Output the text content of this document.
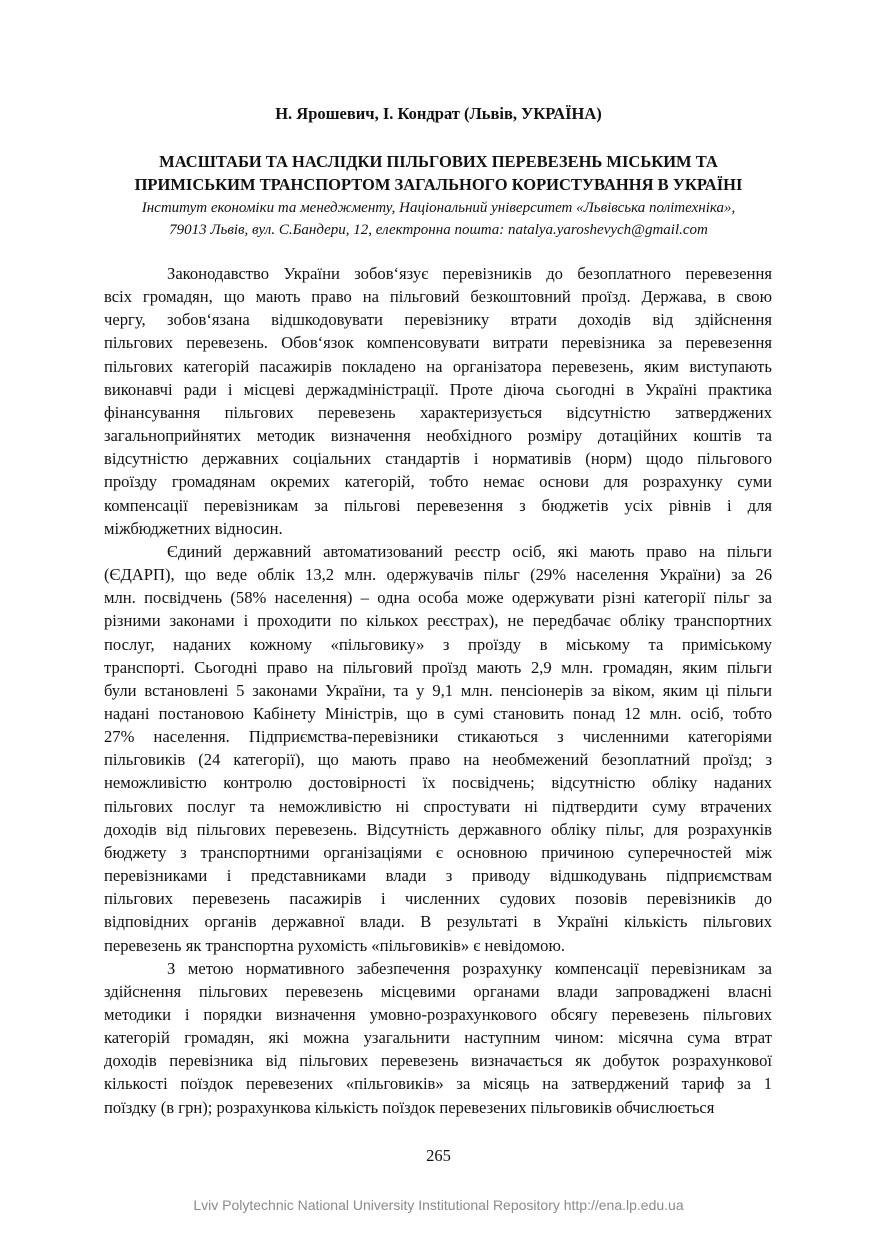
Н. Ярошевич, І. Кондрат (Львів, УКРАЇНА)
МАСШТАБИ ТА НАСЛІДКИ ПІЛЬГОВИХ ПЕРЕВЕЗЕНЬ МІСЬКИМ ТА
ПРИМІСЬКИМ ТРАНСПОРТОМ ЗАГАЛЬНОГО КОРИСТУВАННЯ В УКРАЇНІ
Інститут економіки та менеджменту, Національний університет «Львівська політехніка»,
79013 Львів, вул. С.Бандери, 12, електронна пошта: natalya.yaroshevych@gmail.com
Законодавство України зобов‘язує перевізників до безоплатного перевезення
всіх громадян, що мають право на пільговий безкоштовний проїзд. Держава, в свою
чергу, зобов‘язана відшкодовувати перевізнику втрати доходів від здійснення
пільгових перевезень. Обов‘язок компенсовувати витрати перевізника за перевезення
пільгових категорій пасажирів покладено на організатора перевезень, яким виступають
виконавчі ради і місцеві держадміністрації. Проте діюча сьогодні в Україні практика
фінансування пільгових перевезень характеризується відсутністю затверджених
загальноприйнятих методик визначення необхідного розміру дотаційних коштів та
відсутністю державних соціальних стандартів і нормативів (норм) щодо пільгового
проїзду громадянам окремих категорій, тобто немає основи для розрахунку суми
компенсації перевізникам за пільгові перевезення з бюджетів усіх рівнів і для
міжбюджетних відносин.
Єдиний державний автоматизований реєстр осіб, які мають право на пільги
(ЄДАРП), що веде облік 13,2 млн. одержувачів пільг (29% населення України) за 26
млн. посвідчень (58% населення) – одна особа може одержувати різні категорії пільг за
різними законами і проходити по кількох реєстрах), не передбачає обліку транспортних
послуг, наданих кожному «пільговику» з проїзду в міському та приміському
транспорті. Сьогодні право на пільговий проїзд мають 2,9 млн. громадян, яким пільги
були встановлені 5 законами України, та у 9,1 млн. пенсіонерів за віком, яким ці пільги
надані постановою Кабінету Міністрів, що в сумі становить понад 12 млн. осіб, тобто
27% населення. Підприємства-перевізники стикаються з численними категоріями
пільговиків (24 категорії), що мають право на необмежений безоплатний проїзд; з
неможливістю контролю достовірності їх посвідчень; відсутністю обліку наданих
пільгових послуг та неможливістю ні спростувати ні підтвердити суму втрачених
доходів від пільгових перевезень. Відсутність державного обліку пільг, для розрахунків
бюджету з транспортними організаціями є основною причиною суперечностей між
перевізниками і представниками влади з приводу відшкодувань підприємствам
пільгових перевезень пасажирів і численних судових позовів перевізників до
відповідних органів державної влади. В результаті в Україні кількість пільгових
перевезень як транспортна рухомість «пільговиків» є невідомою.
З метою нормативного забезпечення розрахунку компенсації перевізникам за
здійснення пільгових перевезень місцевими органами влади запроваджені власні
методики і порядки визначення умовно-розрахункового обсягу перевезень пільгових
категорій громадян, які можна узагальнити наступним чином: місячна сума втрат
доходів перевізника від пільгових перевезень визначається як добуток розрахункової
кількості поїздок перевезених «пільговиків» за місяць на затверджений тариф за 1
поїздку (в грн); розрахункова кількість поїздок перевезених пільговиків обчислюється
265
Lviv Polytechnic National University Institutional Repository http://ena.lp.edu.ua
